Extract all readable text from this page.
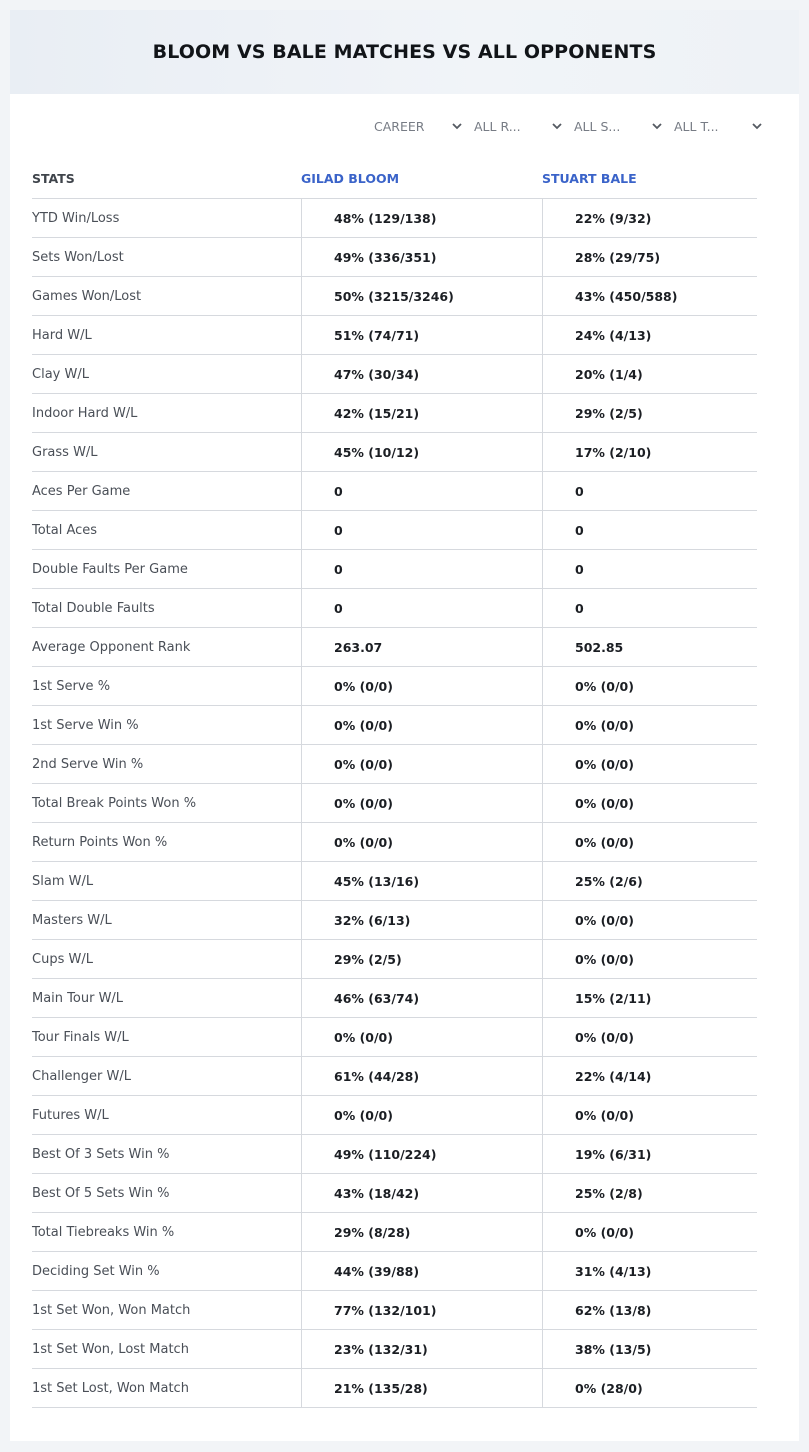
BLOOM VS BALE MATCHES VS ALL OPPONENTS
CAREER	ALL R...	ALL S...	ALL T...
STATS	GILAD BLOOM	STUART BALE
YTD Win/Loss	48% (129/138)	22% (9/32)
Sets Won/Lost	49% (336/351)	28% (29/75)
Games Won/Lost	50% (3215/3246)	43% (450/588)
Hard W/L	51% (74/71)	24% (4/13)
Clay W/L	47% (30/34)	20% (1/4)
Indoor Hard W/L	42% (15/21)	29% (2/5)
Grass W/L	45% (10/12)	17% (2/10)
Aces Per Game	0	0
Total Aces	0	0
Double Faults Per Game	0	0
Total Double Faults	0	0
Average Opponent Rank	263.07	502.85
1st Serve %	0% (0/0)	0% (0/0)
1st Serve Win %	0% (0/0)	0% (0/0)
2nd Serve Win %	0% (0/0)	0% (0/0)
Total Break Points Won %	0% (0/0)	0% (0/0)
Return Points Won %	0% (0/0)	0% (0/0)
Slam W/L	45% (13/16)	25% (2/6)
Masters W/L	32% (6/13)	0% (0/0)
Cups W/L	29% (2/5)	0% (0/0)
Main Tour W/L	46% (63/74)	15% (2/11)
Tour Finals W/L	0% (0/0)	0% (0/0)
Challenger W/L	61% (44/28)	22% (4/14)
Futures W/L	0% (0/0)	0% (0/0)
Best Of 3 Sets Win %	49% (110/224)	19% (6/31)
Best Of 5 Sets Win %	43% (18/42)	25% (2/8)
Total Tiebreaks Win %	29% (8/28)	0% (0/0)
Deciding Set Win %	44% (39/88)	31% (4/13)
1st Set Won, Won Match	77% (132/101)	62% (13/8)
1st Set Won, Lost Match	23% (132/31)	38% (13/5)
1st Set Lost, Won Match	21% (135/28)	0% (28/0)
